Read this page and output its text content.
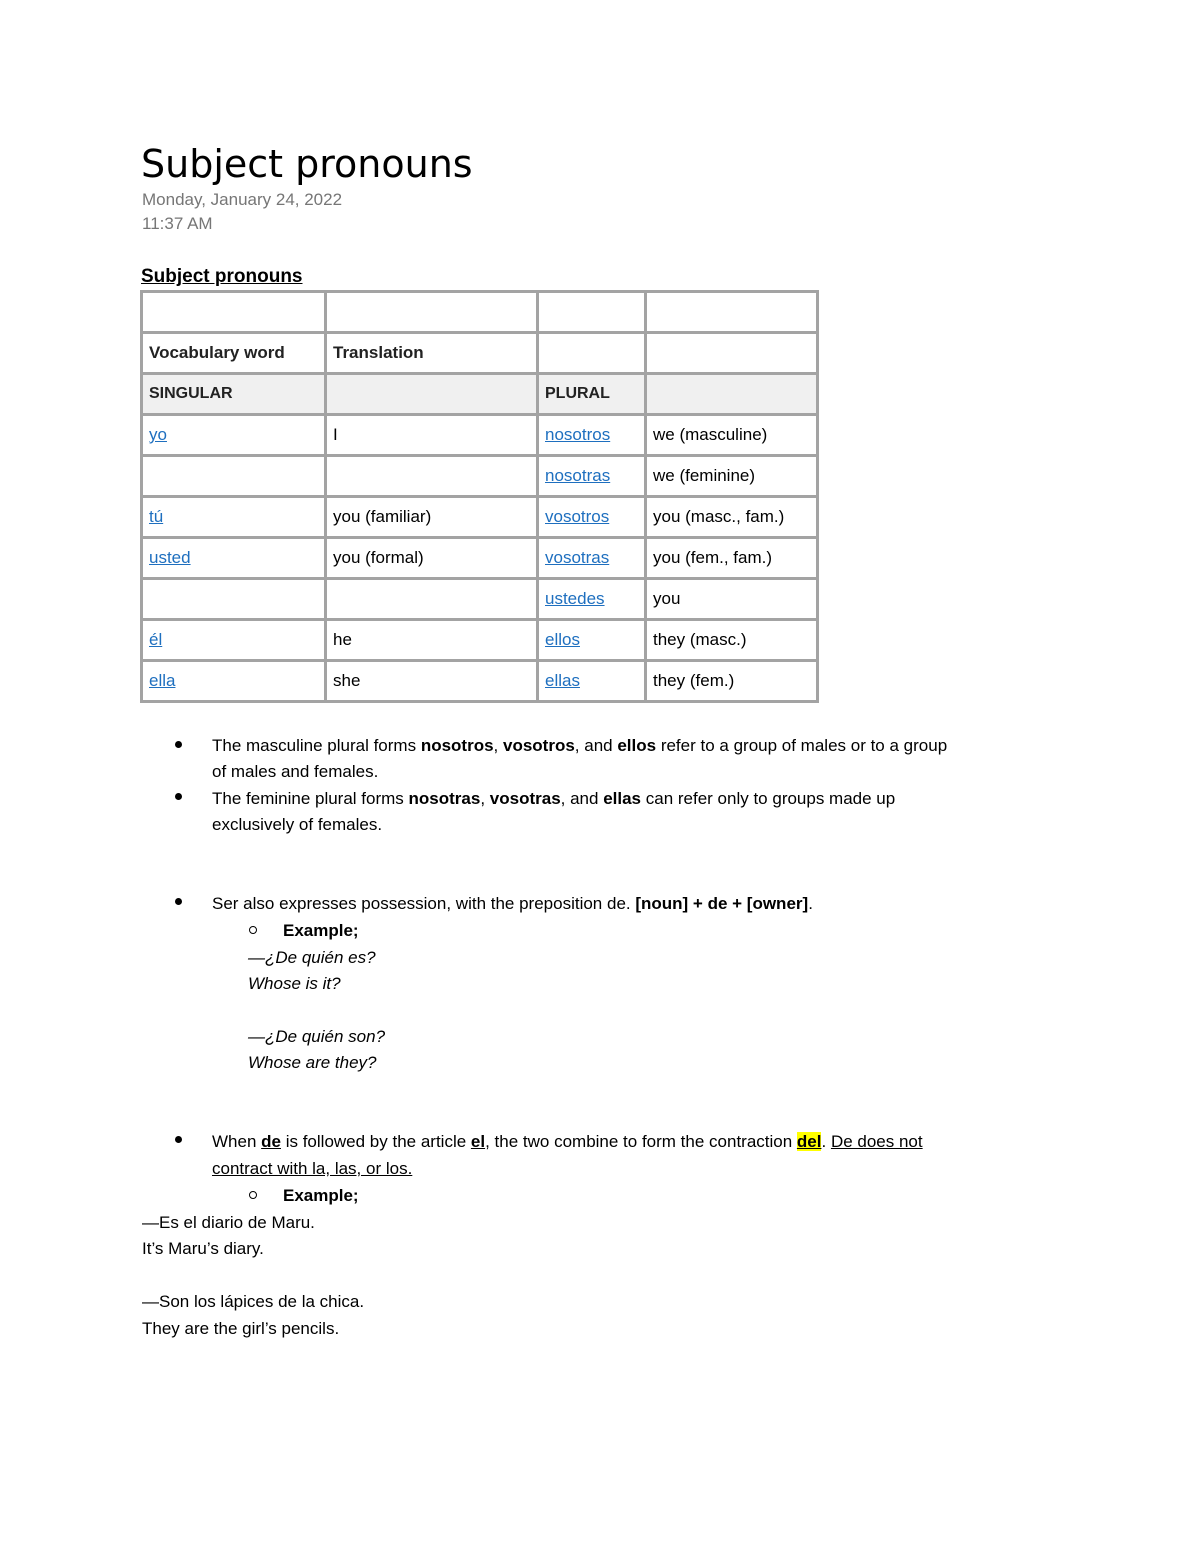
Subject pronouns
Monday, January 24, 2022
11:37 AM
Subject pronouns

Vocabulary word	Translation		
SINGULAR		PLURAL	
yo	I	nosotros	we (masculine)
		nosotras	we (feminine)
tú	you (familiar)	vosotros	you (masc., fam.)
usted	you (formal)	vosotras	you (fem., fam.)
		ustedes	you
él	he	ellos	they (masc.)
ella	she	ellas	they (fem.)
The masculine plural forms nosotros, vosotros, and ellos refer to a group of males or to a group
of males and females.
The feminine plural forms nosotras, vosotras, and ellas can refer only to groups made up
exclusively of females.
Ser also expresses possession, with the preposition de. [noun] + de + [owner].
Example;
—¿De quién es?
Whose is it?
—¿De quién son?
Whose are they?
When de is followed by the article el, the two combine to form the contraction del. De does not
contract with la, las, or los.
Example;
—Es el diario de Maru.
It’s Maru’s diary.
—Son los lápices de la chica.
They are the girl’s pencils.
